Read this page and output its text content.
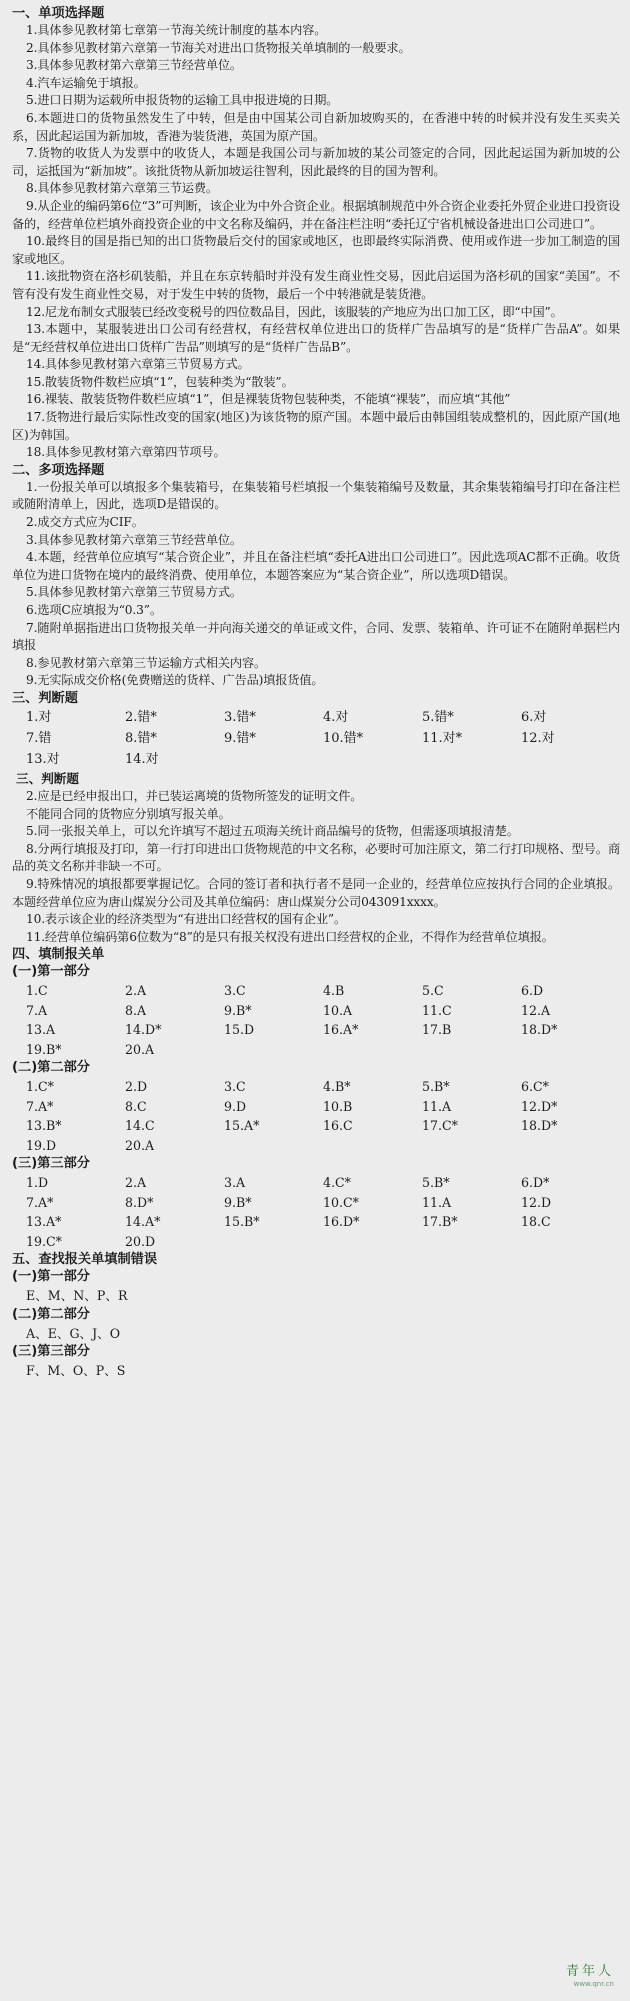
一、单项选择题

1.具体参见教材第七章第一节海关统计制度的基本内容。

2.具体参见教材第六章第一节海关对进出口货物报关单填制的一般要求。

3.具体参见教材第六章第三节经营单位。

4.汽车运输免于填报。

5.进口日期为运载所申报货物的运输工具申报进境的日期。

6.本题进口的货物虽然发生了中转，但是由中国某公司自新加坡购买的，在香港中转的时候并没有发生买卖关系，因此起运国为新加坡，香港为装货港，英国为原产国。

7.货物的收货人为发票中的收货人，本题是我国公司与新加坡的某公司签定的合同，因此起运国为新加坡的公司，运抵国为“新加坡”。该批货物从新加坡运往智利，因此最终的目的国为智利。

8.具体参见教材第六章第三节运费。

9.从企业的编码第6位“3”可判断，该企业为中外合资企业。根据填制规范中外合资企业委托外贸企业进口投资设备的，经营单位栏填外商投资企业的中文名称及编码，并在备注栏注明“委托辽宁省机械设备进出口公司进口”。

10.最终目的国是指已知的出口货物最后交付的国家或地区，也即最终实际消费、使用或作进一步加工制造的国家或地区。

11.该批物资在洛杉矶装船，并且在东京转船时并没有发生商业性交易，因此启运国为洛杉矶的国家“美国”。不管有没有发生商业性交易，对于发生中转的货物，最后一个中转港就是装货港。

12.尼龙布制女式服装已经改变税号的四位数品目，因此，该服装的产地应为出口加工区，即“中国”。

13.本题中，某服装进出口公司有经营权，有经营权单位进出口的货样广告品填写的是“货样广告品A”。如果是“无经营权单位进出口货样广告品”则填写的是“货样广告品B”。

14.具体参见教材第六章第三节贸易方式。

15.散装货物件数栏应填“1”，包装种类为“散装”。

16.裸装、散装货物件数栏应填“1”，但是裸装货物包装种类，不能填“裸装”，而应填“其他”

17.货物进行最后实际性改变的国家(地区)为该货物的原产国。本题中最后由韩国组装成整机的，因此原产国(地区)为韩国。

18.具体参见教材第六章第四节项号。

二、多项选择题

1.一份报关单可以填报多个集装箱号，在集装箱号栏填报一个集装箱编号及数量，其余集装箱编号打印在备注栏或随附清单上，因此，选项D是错误的。

2.成交方式应为CIF。

3.具体参见教材第六章第三节经营单位。

4.本题，经营单位应填写“某合资企业”，并且在备注栏填“委托A进出口公司进口”。因此选项AC都不正确。收货单位为进口货物在境内的最终消费、使用单位，本题答案应为“某合资企业”，所以选项D错误。

5.具体参见教材第六章第三节贸易方式。

6.选项C应填报为“0.3”。

7.随附单据指进出口货物报关单一并向海关递交的单证或文件，合同、发票、装箱单、许可证不在随附单据栏内填报

8.参见教材第六章第三节运输方式相关内容。

9.无实际成交价格(免费赠送的货样、广告品)填报货值。

三、判断题
1.对	2.错*	3.错*	4.对	5.错*	6.对
7.错	8.错*	9.错*	10.错*	11.对*	12.对
13.对	14.对
三、判断题

2.应是已经申报出口，并已装运离境的货物所签发的证明文件。

不能同合同的货物应分别填写报关单。

5.同一张报关单上，可以允许填写不超过五项海关统计商品编号的货物，但需逐项填报清楚。

8.分两行填报及打印，第一行打印进出口货物规范的中文名称，必要时可加注原文，第二行打印规格、型号。商品的英文名称并非缺一不可。

9.特殊情况的填报都要掌握记忆。合同的签订者和执行者不是同一企业的，经营单位应按执行合同的企业填报。本题经营单位应为唐山煤炭分公司及其单位编码：唐山煤炭分公司043091xxxx。

10.表示该企业的经济类型为“有进出口经营权的国有企业”。

11.经营单位编码第6位数为“8”的是只有报关权没有进出口经营权的企业，不得作为经营单位填报。

四、填制报关单
(一)第一部分
1.C	2.A	3.C	4.B	5.C	6.D
7.A	8.A	9.B*	10.A	11.C	12.A
13.A	14.D*	15.D	16.A*	17.B	18.D*
19.B*	20.A
(二)第二部分
1.C*	2.D	3.C	4.B*	5.B*	6.C*
7.A*	8.C	9.D	10.B	11.A	12.D*
13.B*	14.C	15.A*	16.C	17.C*	18.D*
19.D	20.A
(三)第三部分
1.D	2.A	3.A	4.C*	5.B*	6.D*
7.A*	8.D*	9.B*	10.C*	11.A	12.D
13.A*	14.A*	15.B*	16.D*	17.B*	18.C
19.C*	20.D
五、查找报关单填制错误
(一)第一部分
E、M、N、P、R
(二)第二部分
A、E、G、J、O
(三)第三部分
F、M、O、P、S
青年人
www.qnr.cn
